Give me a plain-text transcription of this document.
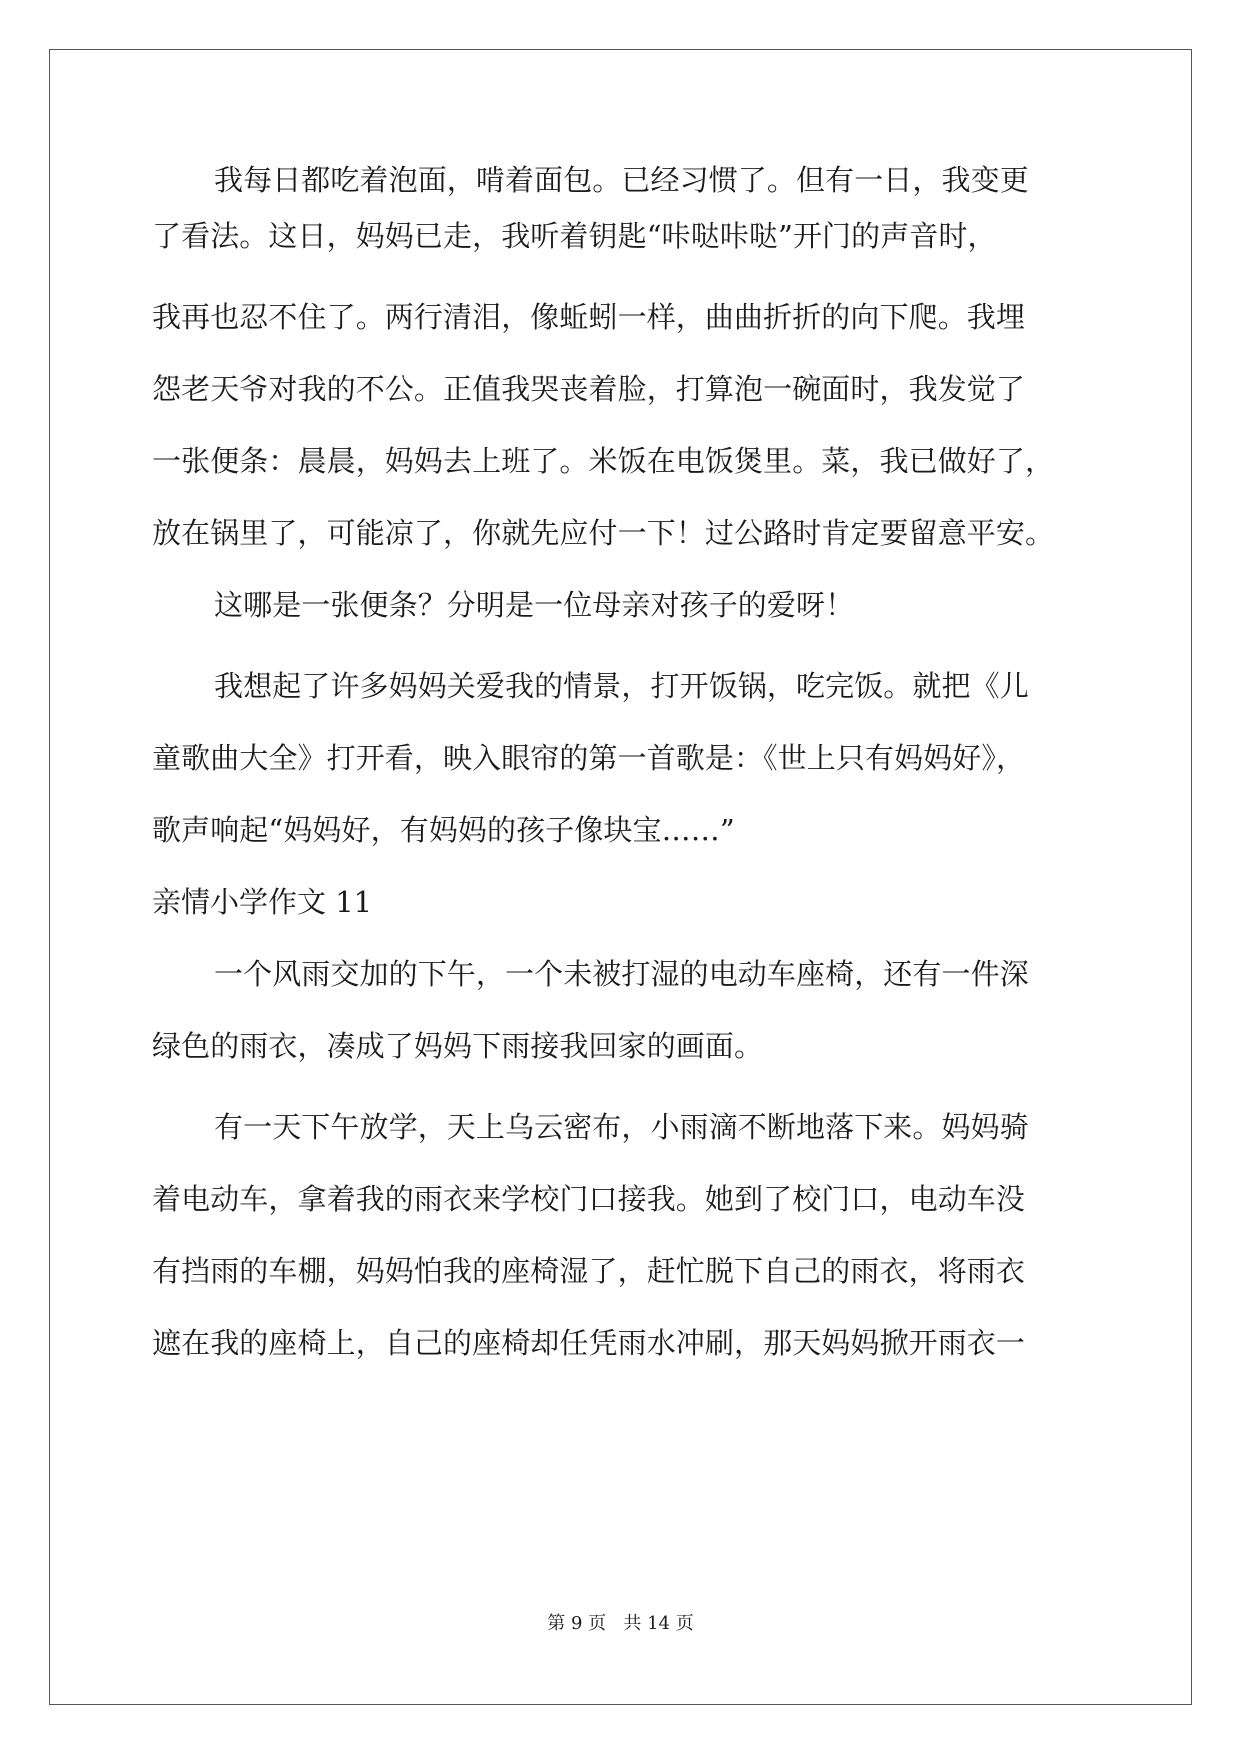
我每日都吃着泡面，啃着面包。已经习惯了。但有一日，我变更
了看法。这日，妈妈已走，我听着钥匙“咔哒咔哒”开门的声音时，
我再也忍不住了。两行清泪，像蚯蚓一样，曲曲折折的向下爬。我埋
怨老天爷对我的不公。正值我哭丧着脸，打算泡一碗面时，我发觉了
一张便条：晨晨，妈妈去上班了。米饭在电饭煲里。菜，我已做好了，
放在锅里了，可能凉了，你就先应付一下！过公路时肯定要留意平安。
这哪是一张便条？分明是一位母亲对孩子的爱呀！
我想起了许多妈妈关爱我的情景，打开饭锅，吃完饭。就把《儿
童歌曲大全》打开看，映入眼帘的第一首歌是：《世上只有妈妈好》，
歌声响起“妈妈好，有妈妈的孩子像块宝……”
亲情小学作文 11
一个风雨交加的下午，一个未被打湿的电动车座椅，还有一件深
绿色的雨衣，凑成了妈妈下雨接我回家的画面。
有一天下午放学，天上乌云密布，小雨滴不断地落下来。妈妈骑
着电动车，拿着我的雨衣来学校门口接我。她到了校门口，电动车没
有挡雨的车棚，妈妈怕我的座椅湿了，赶忙脱下自己的雨衣，将雨衣
遮在我的座椅上，自己的座椅却任凭雨水冲刷，那天妈妈掀开雨衣一
第 9 页   共 14 页
